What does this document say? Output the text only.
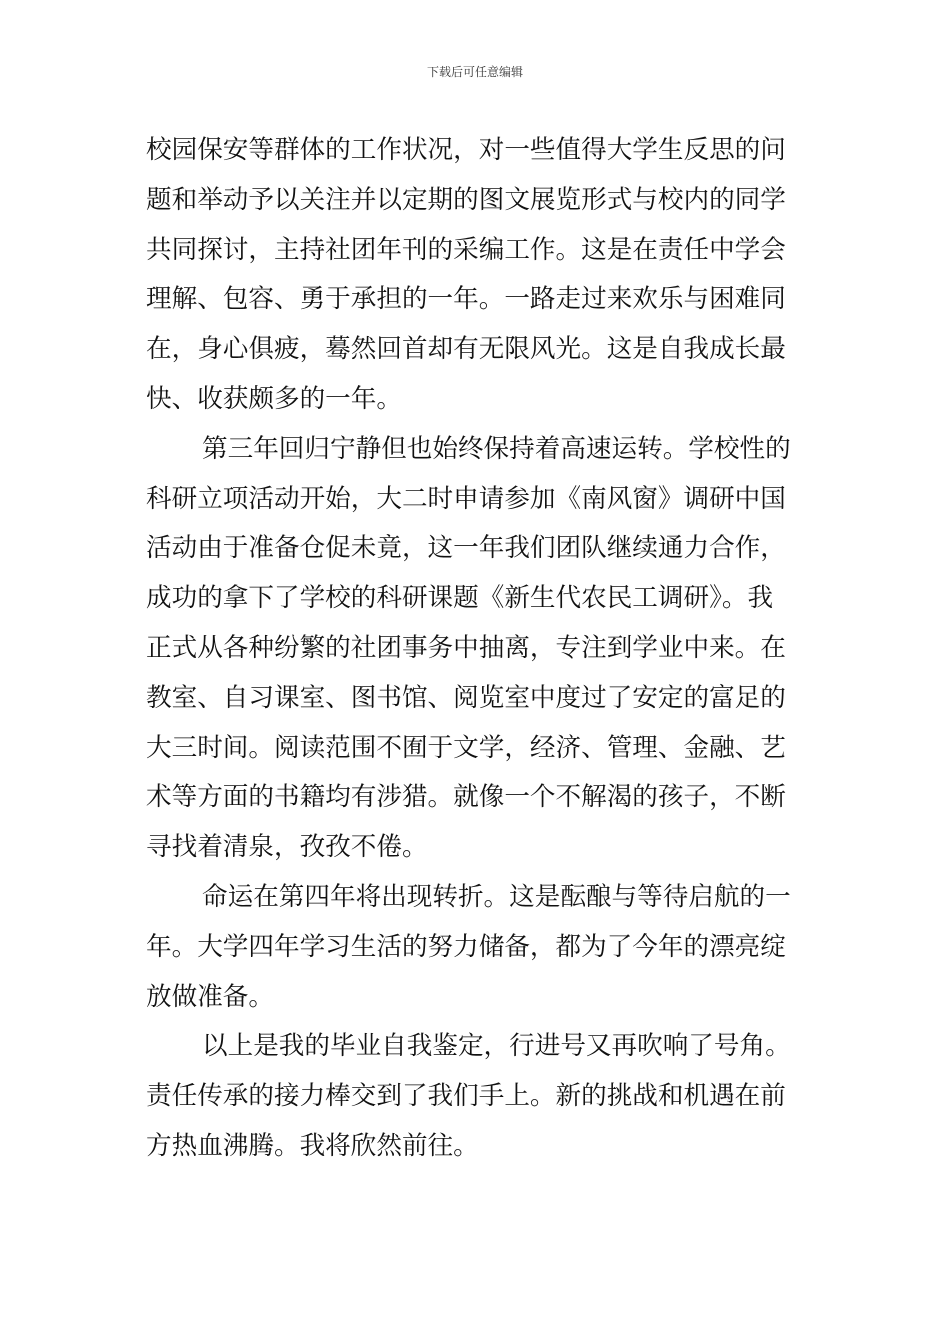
下载后可任意编辑
校园保安等群体的工作状况，对一些值得大学生反思的问
题和举动予以关注并以定期的图文展览形式与校内的同学
共同探讨，主持社团年刊的采编工作。这是在责任中学会
理解、包容、勇于承担的一年。一路走过来欢乐与困难同
在，身心俱疲，蓦然回首却有无限风光。这是自我成长最
快、收获颇多的一年。
第三年回归宁静但也始终保持着高速运转。学校性的
科研立项活动开始，大二时申请参加《南风窗》调研中国
活动由于准备仓促未竟，这一年我们团队继续通力合作，
成功的拿下了学校的科研课题《新生代农民工调研》。我
正式从各种纷繁的社团事务中抽离，专注到学业中来。在
教室、自习课室、图书馆、阅览室中度过了安定的富足的
大三时间。阅读范围不囿于文学，经济、管理、金融、艺
术等方面的书籍均有涉猎。就像一个不解渴的孩子，不断
寻找着清泉，孜孜不倦。
命运在第四年将出现转折。这是酝酿与等待启航的一
年。大学四年学习生活的努力储备，都为了今年的漂亮绽
放做准备。
以上是我的毕业自我鉴定，行进号又再吹响了号角。
责任传承的接力棒交到了我们手上。新的挑战和机遇在前
方热血沸腾。我将欣然前往。
